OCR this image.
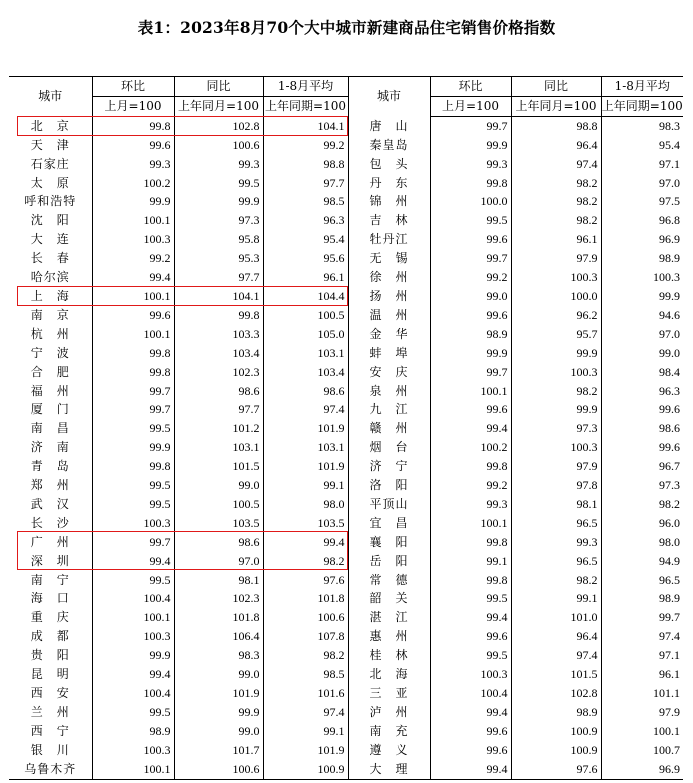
表1：2023年8月70个大中城市新建商品住宅销售价格指数
城市	环比	同比	1-8月平均	城市	环比	同比	1-8月平均
	上月=100	上年同月=100	上年同期=100		上月=100	上年同月=100	上年同期=100
北　京	99.8	102.8	104.1	唐　山	99.7	98.8	98.3
天　津	99.6	100.6	99.2	秦皇岛	99.9	96.4	95.4
石家庄	99.3	99.3	98.8	包　头	99.3	97.4	97.1
太　原	100.2	99.5	97.7	丹　东	99.8	98.2	97.0
呼和浩特	99.9	99.9	98.5	锦　州	100.0	98.2	97.5
沈　阳	100.1	97.3	96.3	吉　林	99.5	98.2	96.8
大　连	100.3	95.8	95.4	牡丹江	99.6	96.1	96.9
长　春	99.2	95.3	95.6	无　锡	99.7	97.9	98.9
哈尔滨	99.4	97.7	96.1	徐　州	99.2	100.3	100.3
上　海	100.1	104.1	104.4	扬　州	99.0	100.0	99.9
南　京	99.6	99.8	100.5	温　州	99.6	96.2	94.6
杭　州	100.1	103.3	105.0	金　华	98.9	95.7	97.0
宁　波	99.8	103.4	103.1	蚌　埠	99.9	99.9	99.0
合　肥	99.8	102.3	103.4	安　庆	99.7	100.3	98.4
福　州	99.7	98.6	98.6	泉　州	100.1	98.2	96.3
厦　门	99.7	97.7	97.4	九　江	99.6	99.9	99.6
南　昌	99.5	101.2	101.9	赣　州	99.4	97.3	98.6
济　南	99.9	103.1	103.1	烟　台	100.2	100.3	99.6
青　岛	99.8	101.5	101.9	济　宁	99.8	97.9	96.7
郑　州	99.5	99.0	99.1	洛　阳	99.2	97.8	97.3
武　汉	99.5	100.5	98.0	平顶山	99.3	98.1	98.2
长　沙	100.3	103.5	103.5	宜　昌	100.1	96.5	96.0
广　州	99.7	98.6	99.4	襄　阳	99.8	99.3	98.0
深　圳	99.4	97.0	98.2	岳　阳	99.1	96.5	94.9
南　宁	99.5	98.1	97.6	常　德	99.8	98.2	96.5
海　口	100.4	102.3	101.8	韶　关	99.5	99.1	98.9
重　庆	100.1	101.8	100.6	湛　江	99.4	101.0	99.7
成　都	100.3	106.4	107.8	惠　州	99.6	96.4	97.4
贵　阳	99.9	98.3	98.2	桂　林	99.5	97.4	97.1
昆　明	99.4	99.0	98.5	北　海	100.3	101.5	96.1
西　安	100.4	101.9	101.6	三　亚	100.4	102.8	101.1
兰　州	99.5	99.9	97.4	泸　州	99.4	98.9	97.9
西　宁	98.9	99.0	99.1	南　充	99.6	100.9	100.1
银　川	100.3	101.7	101.9	遵　义	99.6	100.9	100.7
乌鲁木齐	100.1	100.6	100.9	大　理	99.4	97.6	96.9
